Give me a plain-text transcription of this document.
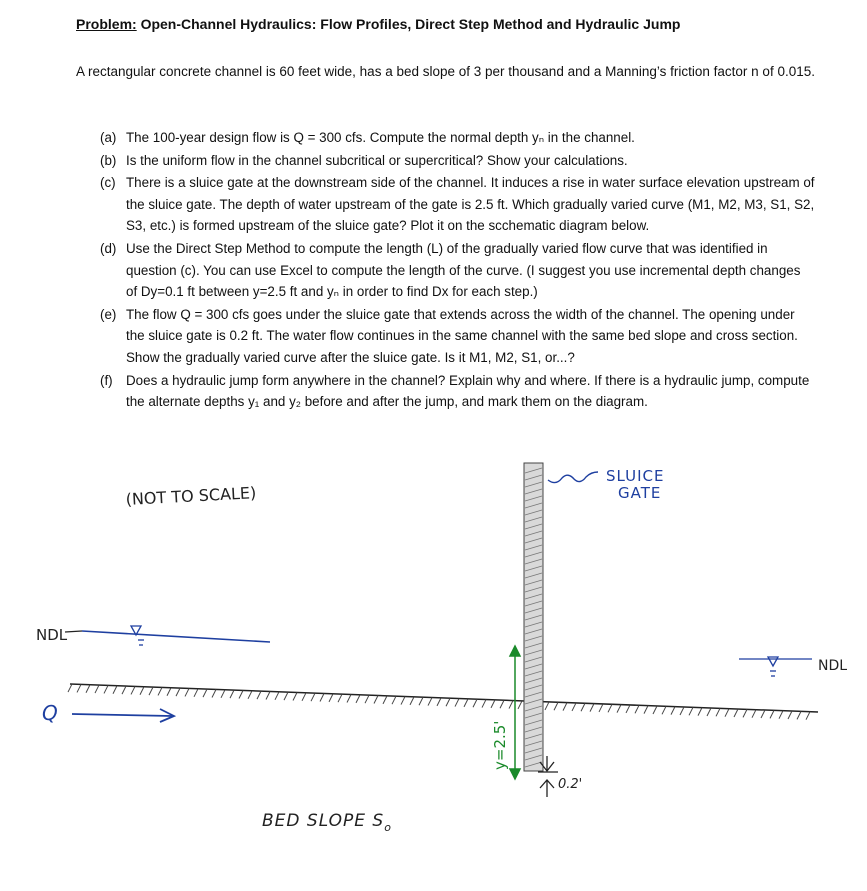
Problem: Open-Channel Hydraulics: Flow Profiles, Direct Step Method and Hydraulic Jump
A rectangular concrete channel is 60 feet wide, has a bed slope of 3 per thousand and a Manning’s friction factor n of 0.015.
(a) The 100-year design flow is Q = 300 cfs. Compute the normal depth yₙ in the channel.
(b) Is the uniform flow in the channel subcritical or supercritical? Show your calculations.
(c) There is a sluice gate at the downstream side of the channel. It induces a rise in water surface elevation upstream of the sluice gate. The depth of water upstream of the gate is 2.5 ft. Which gradually varied curve (M1, M2, M3, S1, S2, S3, etc.) is formed upstream of the sluice gate? Plot it on the scchematic diagram below.
(d) Use the Direct Step Method to compute the length (L) of the gradually varied flow curve that was identified in question (c). You can use Excel to compute the length of the curve. (I suggest you use incremental depth changes of Dy=0.1 ft between y=2.5 ft and yₙ in order to find Dx for each step.)
(e) The flow Q = 300 cfs goes under the sluice gate that extends across the width of the channel. The opening under the sluice gate is 0.2 ft. The water flow continues in the same channel with the same bed slope and cross section. Show the gradually varied curve after the sluice gate. Is it M1, M2, S1, or...?
(f) Does a hydraulic jump form anywhere in the channel? Explain why and where. If there is a hydraulic jump, compute the alternate depths y₁ and y₂ before and after the jump, and mark them on the diagram.
(NOT TO SCALE)
SLUICE
GATE
NDL
NDL
Q
BED SLOPE $S_o$
y=2.5'
0.2'
